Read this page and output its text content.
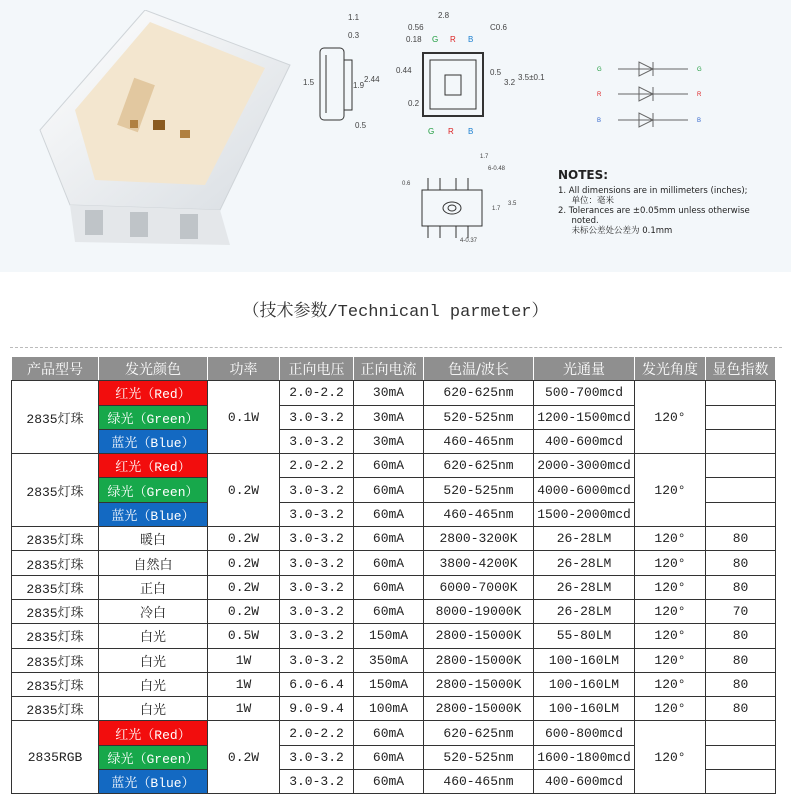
1.1
0.3
1.5	1.9
2.44
0.5
2.8
0.56
0.18
C0.6
0.44	0.5
3.2
3.5±0.1
0.2
G R B
G R B
1.7
6-0.48
0.6
1.7
3.5
4-0.37
G	G
R	R
B	B
NOTES:
1. All dimensions are in millimeters (inches);
单位：毫米
2. Tolerances are ±0.05mm unless otherwise
noted.
未标公差处公差为 0.1mm
（技术参数/Technicanl parmeter）
产品型号	发光颜色	功率	正向电压	正向电流	色温/波长	光通量	发光角度	显色指数
2835灯珠	红光（Red）	0.1W	2.0-2.2	30mA	620-625nm	500-700mcd	120°	
	绿光（Green）		3.0-3.2	30mA	520-525nm	1200-1500mcd		
	蓝光（Blue）		3.0-3.2	30mA	460-465nm	400-600mcd		
2835灯珠	红光（Red）	0.2W	2.0-2.2	60mA	620-625nm	2000-3000mcd	120°	
	绿光（Green）		3.0-3.2	60mA	520-525nm	4000-6000mcd		
	蓝光（Blue）		3.0-3.2	60mA	460-465nm	1500-2000mcd		
2835灯珠	暖白	0.2W	3.0-3.2	60mA	2800-3200K	26-28LM	120°	80
2835灯珠	自然白	0.2W	3.0-3.2	60mA	3800-4200K	26-28LM	120°	80
2835灯珠	正白	0.2W	3.0-3.2	60mA	6000-7000K	26-28LM	120°	80
2835灯珠	冷白	0.2W	3.0-3.2	60mA	8000-19000K	26-28LM	120°	70
2835灯珠	白光	0.5W	3.0-3.2	150mA	2800-15000K	55-80LM	120°	80
2835灯珠	白光	1W	3.0-3.2	350mA	2800-15000K	100-160LM	120°	80
2835灯珠	白光	1W	6.0-6.4	150mA	2800-15000K	100-160LM	120°	80
2835灯珠	白光	1W	9.0-9.4	100mA	2800-15000K	100-160LM	120°	80
2835RGB	红光（Red）	0.2W	2.0-2.2	60mA	620-625nm	600-800mcd	120°	
	绿光（Green）		3.0-3.2	60mA	520-525nm	1600-1800mcd		
	蓝光（Blue）		3.0-3.2	60mA	460-465nm	400-600mcd		
